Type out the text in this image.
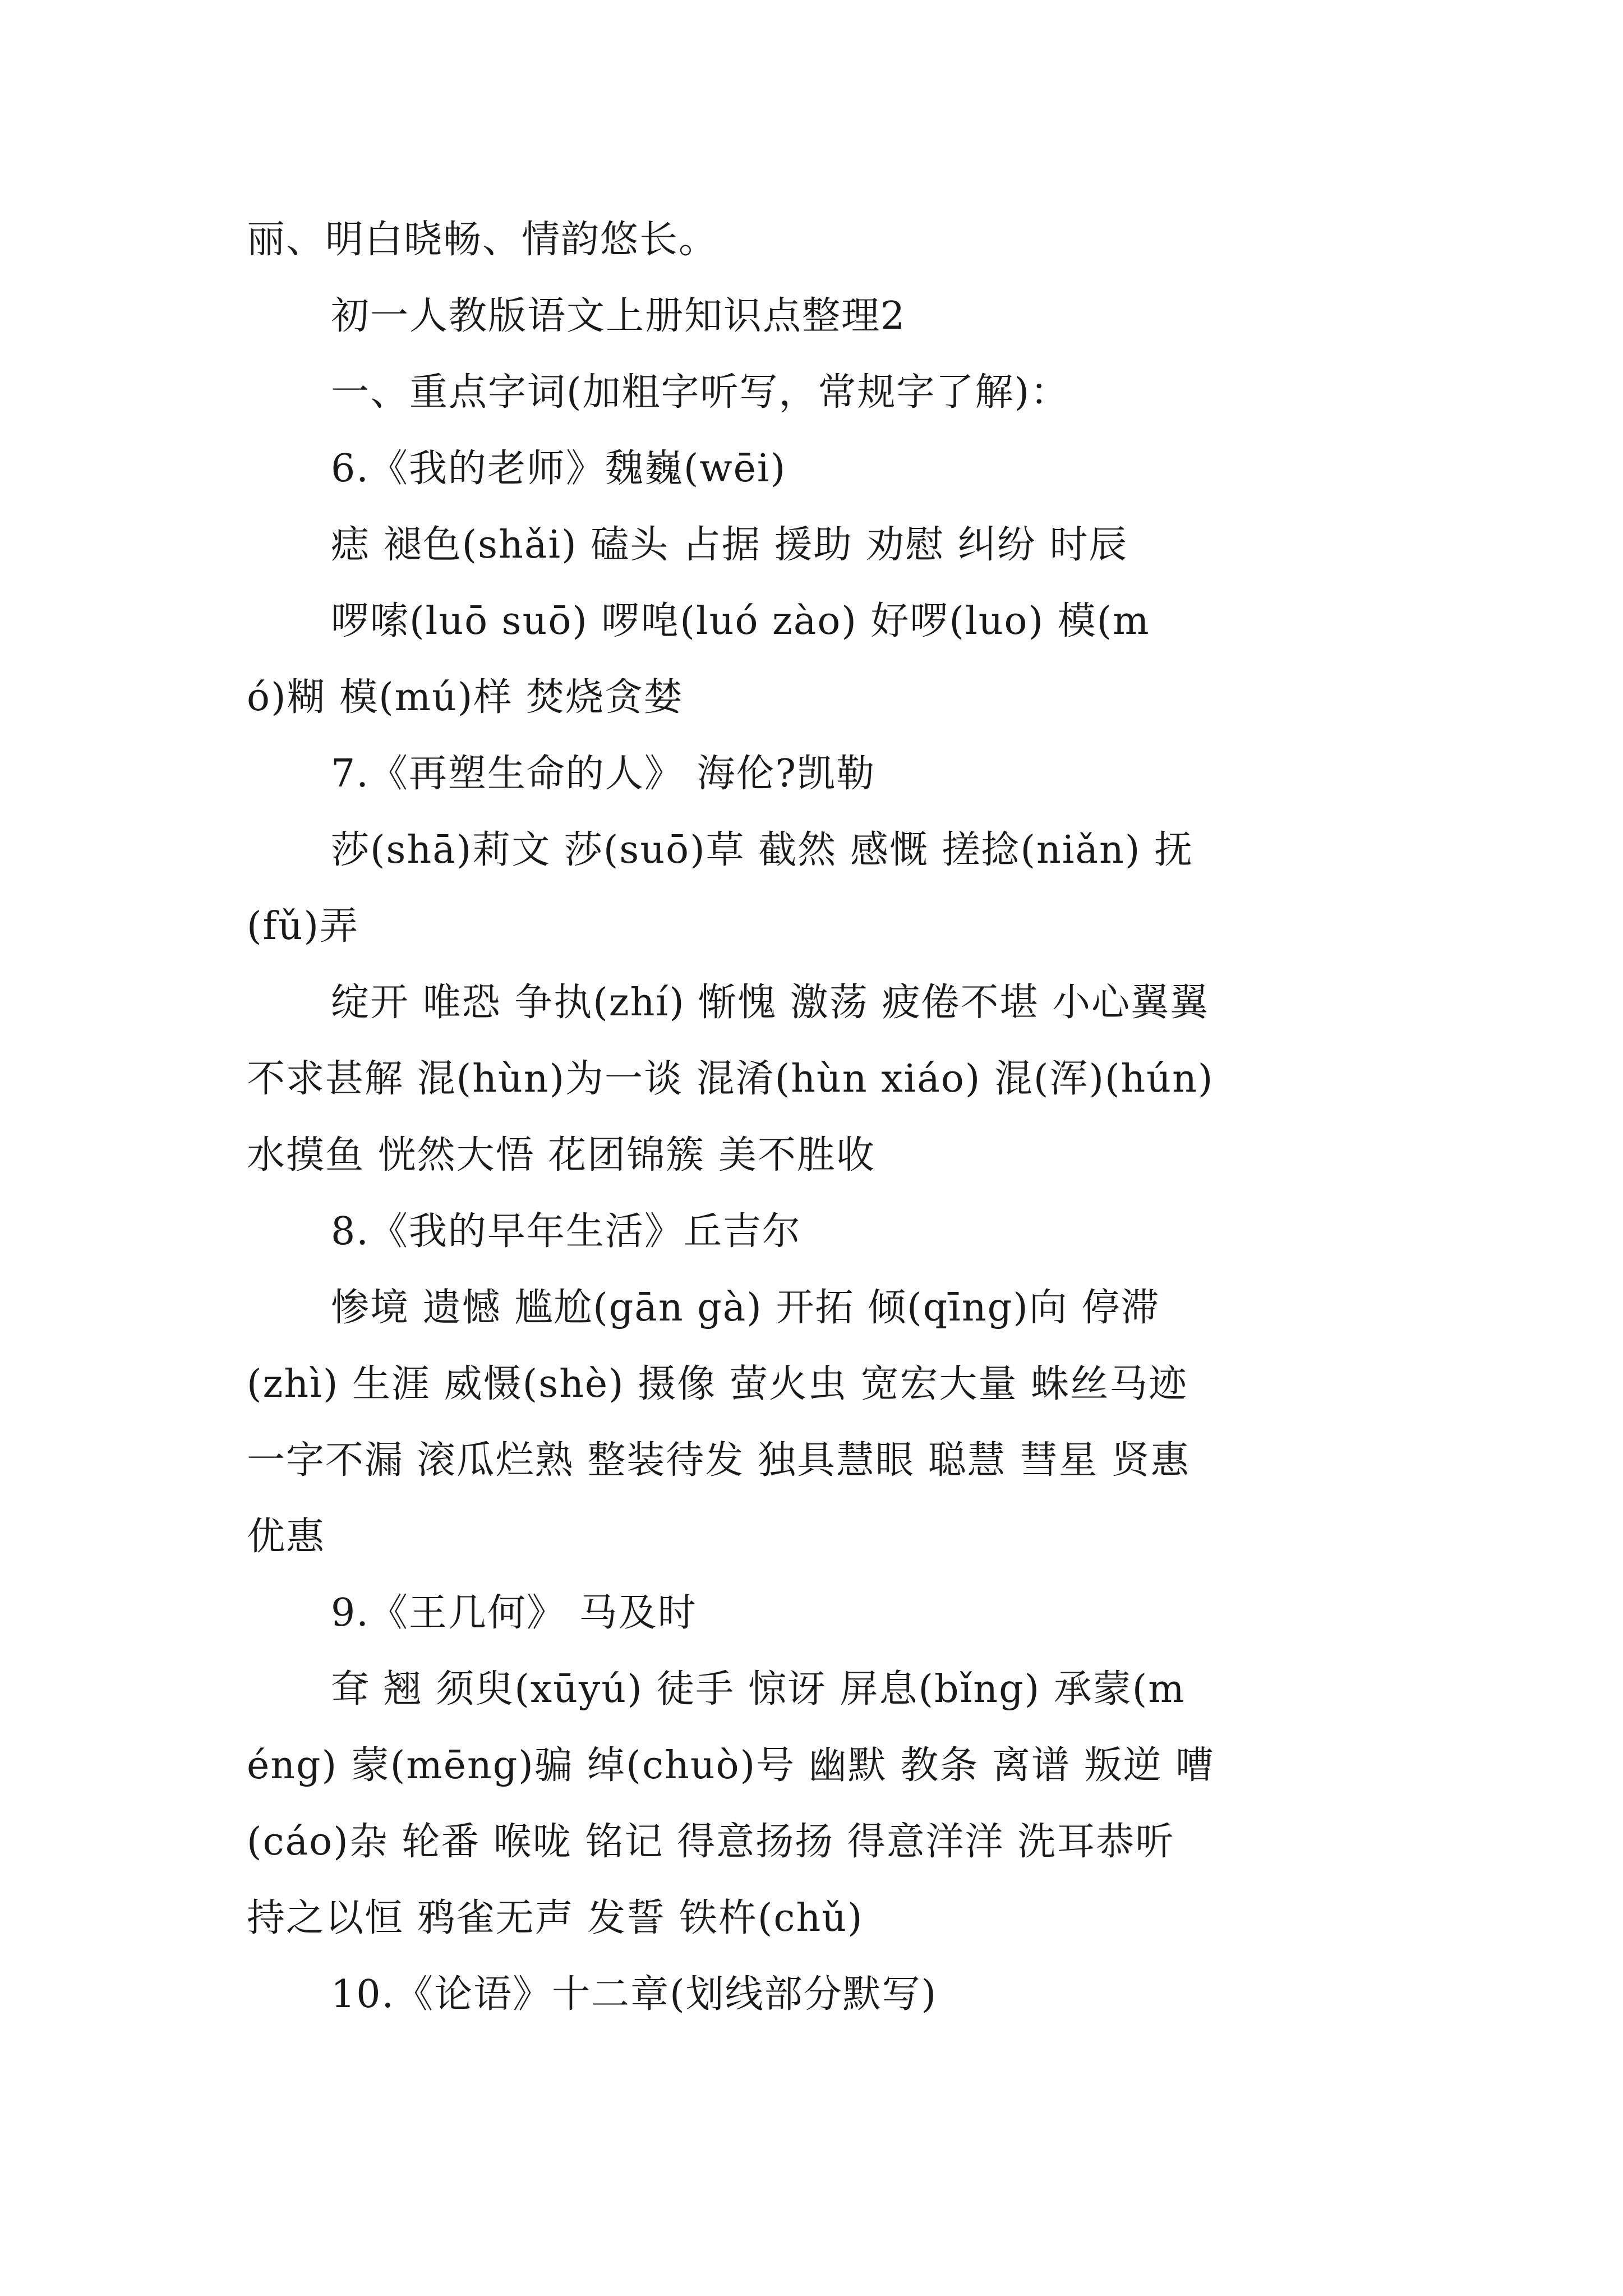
丽、明白晓畅、情韵悠长。
初一人教版语文上册知识点整理2
一、重点字词(加粗字听写，常规字了解)：
6.《我的老师》魏巍(wēi)
痣 褪色(shǎi) 磕头 占据 援助 劝慰 纠纷 时辰
啰嗦(luō suō) 啰唣(luó zào) 好啰(luo) 模(m
ó)糊 模(mú)样 焚烧贪婪
7.《再塑生命的人》 海伦?凯勒
莎(shā)莉文 莎(suō)草 截然 感慨 搓捻(niǎn) 抚
(fǔ)弄
绽开 唯恐 争执(zhí) 惭愧 激荡 疲倦不堪 小心翼翼
不求甚解 混(hùn)为一谈 混淆(hùn xiáo) 混(浑)(hún)
水摸鱼 恍然大悟 花团锦簇 美不胜收
8.《我的早年生活》丘吉尔
惨境 遗憾 尴尬(gān gà) 开拓 倾(qīng)向 停滞
(zhì) 生涯 威慑(shè) 摄像 萤火虫 宽宏大量 蛛丝马迹
一字不漏 滚瓜烂熟 整装待发 独具慧眼 聪慧 彗星 贤惠
优惠
9.《王几何》 马及时
耷 翘 须臾(xūyú) 徒手 惊讶 屏息(bǐng) 承蒙(m
éng) 蒙(mēng)骗 绰(chuò)号 幽默 教条 离谱 叛逆 嘈
(cáo)杂 轮番 喉咙 铭记 得意扬扬 得意洋洋 洗耳恭听
持之以恒 鸦雀无声 发誓 铁杵(chǔ)
10.《论语》十二章(划线部分默写)
